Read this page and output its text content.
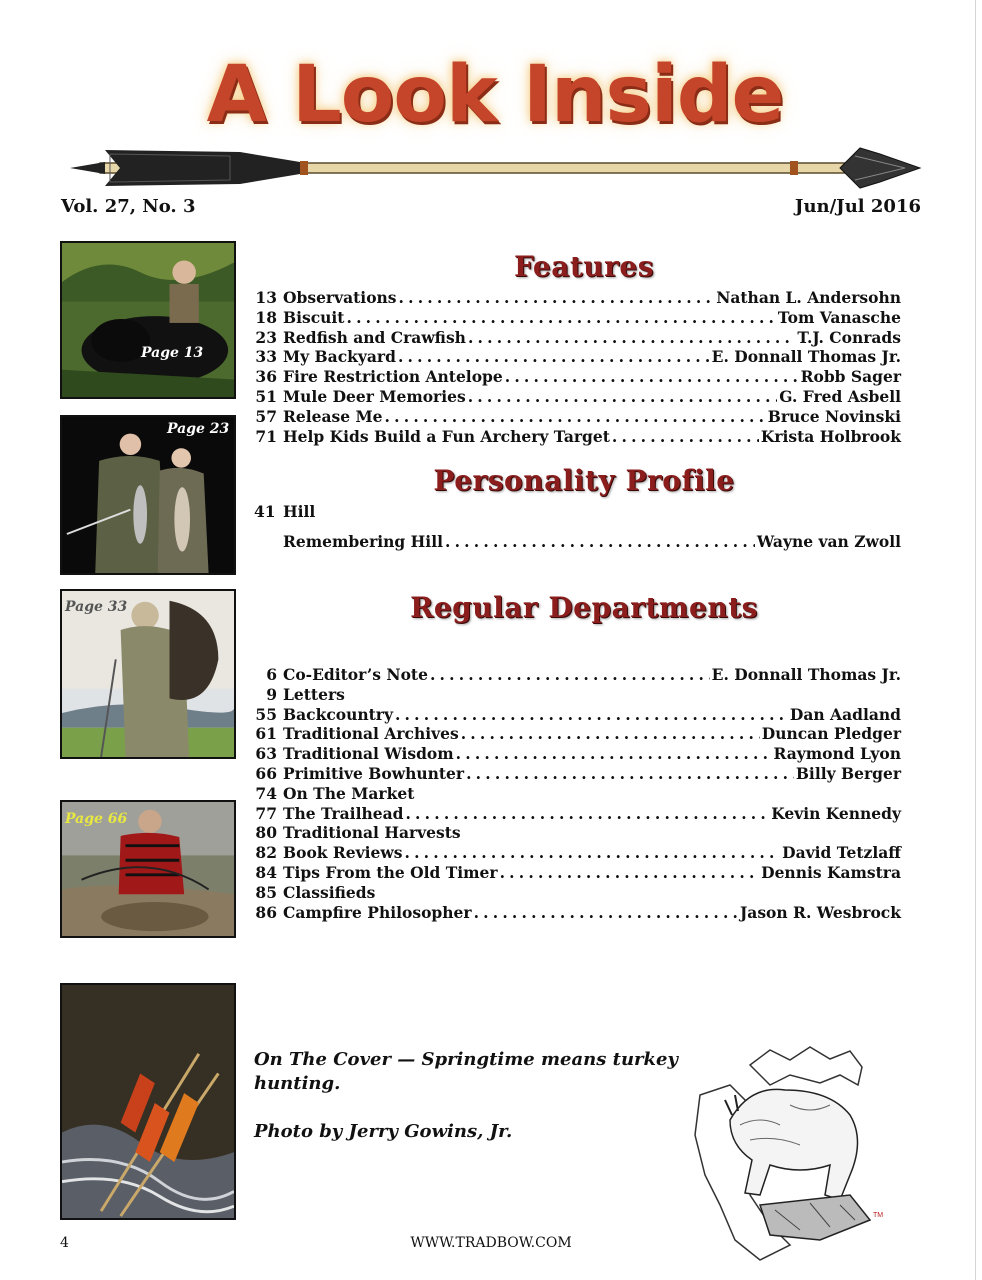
A Look Inside
Vol. 27, No. 3	Jun/Jul 2016
Page 13
Page 23
Page 33
Page 66
Features
13 Observations . . .	Nathan L. Andersohn
18 Biscuit . . .	Tom Vanasche
23 Redfish and Crawfish . . .	T.J. Conrads
33 My Backyard . . .	E. Donnall Thomas Jr.
36 Fire Restriction Antelope . . .	Robb Sager
51 Mule Deer Memories . . .	G. Fred Asbell
57 Release Me . . .	Bruce Novinski
71 Help Kids Build a Fun Archery Target . . .	Krista Holbrook
Personality Profile
41 Hill
Remembering Hill . . .	Wayne van Zwoll
Regular Departments
6 Co-Editor’s Note . . .	E. Donnall Thomas Jr.
9 Letters
55 Backcountry . . .	Dan Aadland
61 Traditional Archives . . .	Duncan Pledger
63 Traditional Wisdom . . .	Raymond Lyon
66 Primitive Bowhunter . . .	Billy Berger
74 On The Market
77 The Trailhead . . .	Kevin Kennedy
80 Traditional Harvests
82 Book Reviews . . .	David Tetzlaff
84 Tips From the Old Timer . . .	Dennis Kamstra
85 Classifieds
86 Campfire Philosopher . . .	Jason R. Wesbrock

On The Cover — Springtime means turkey hunting.

Photo by Jerry Gowins, Jr.

TM
4	WWW.TRADBOW.COM
